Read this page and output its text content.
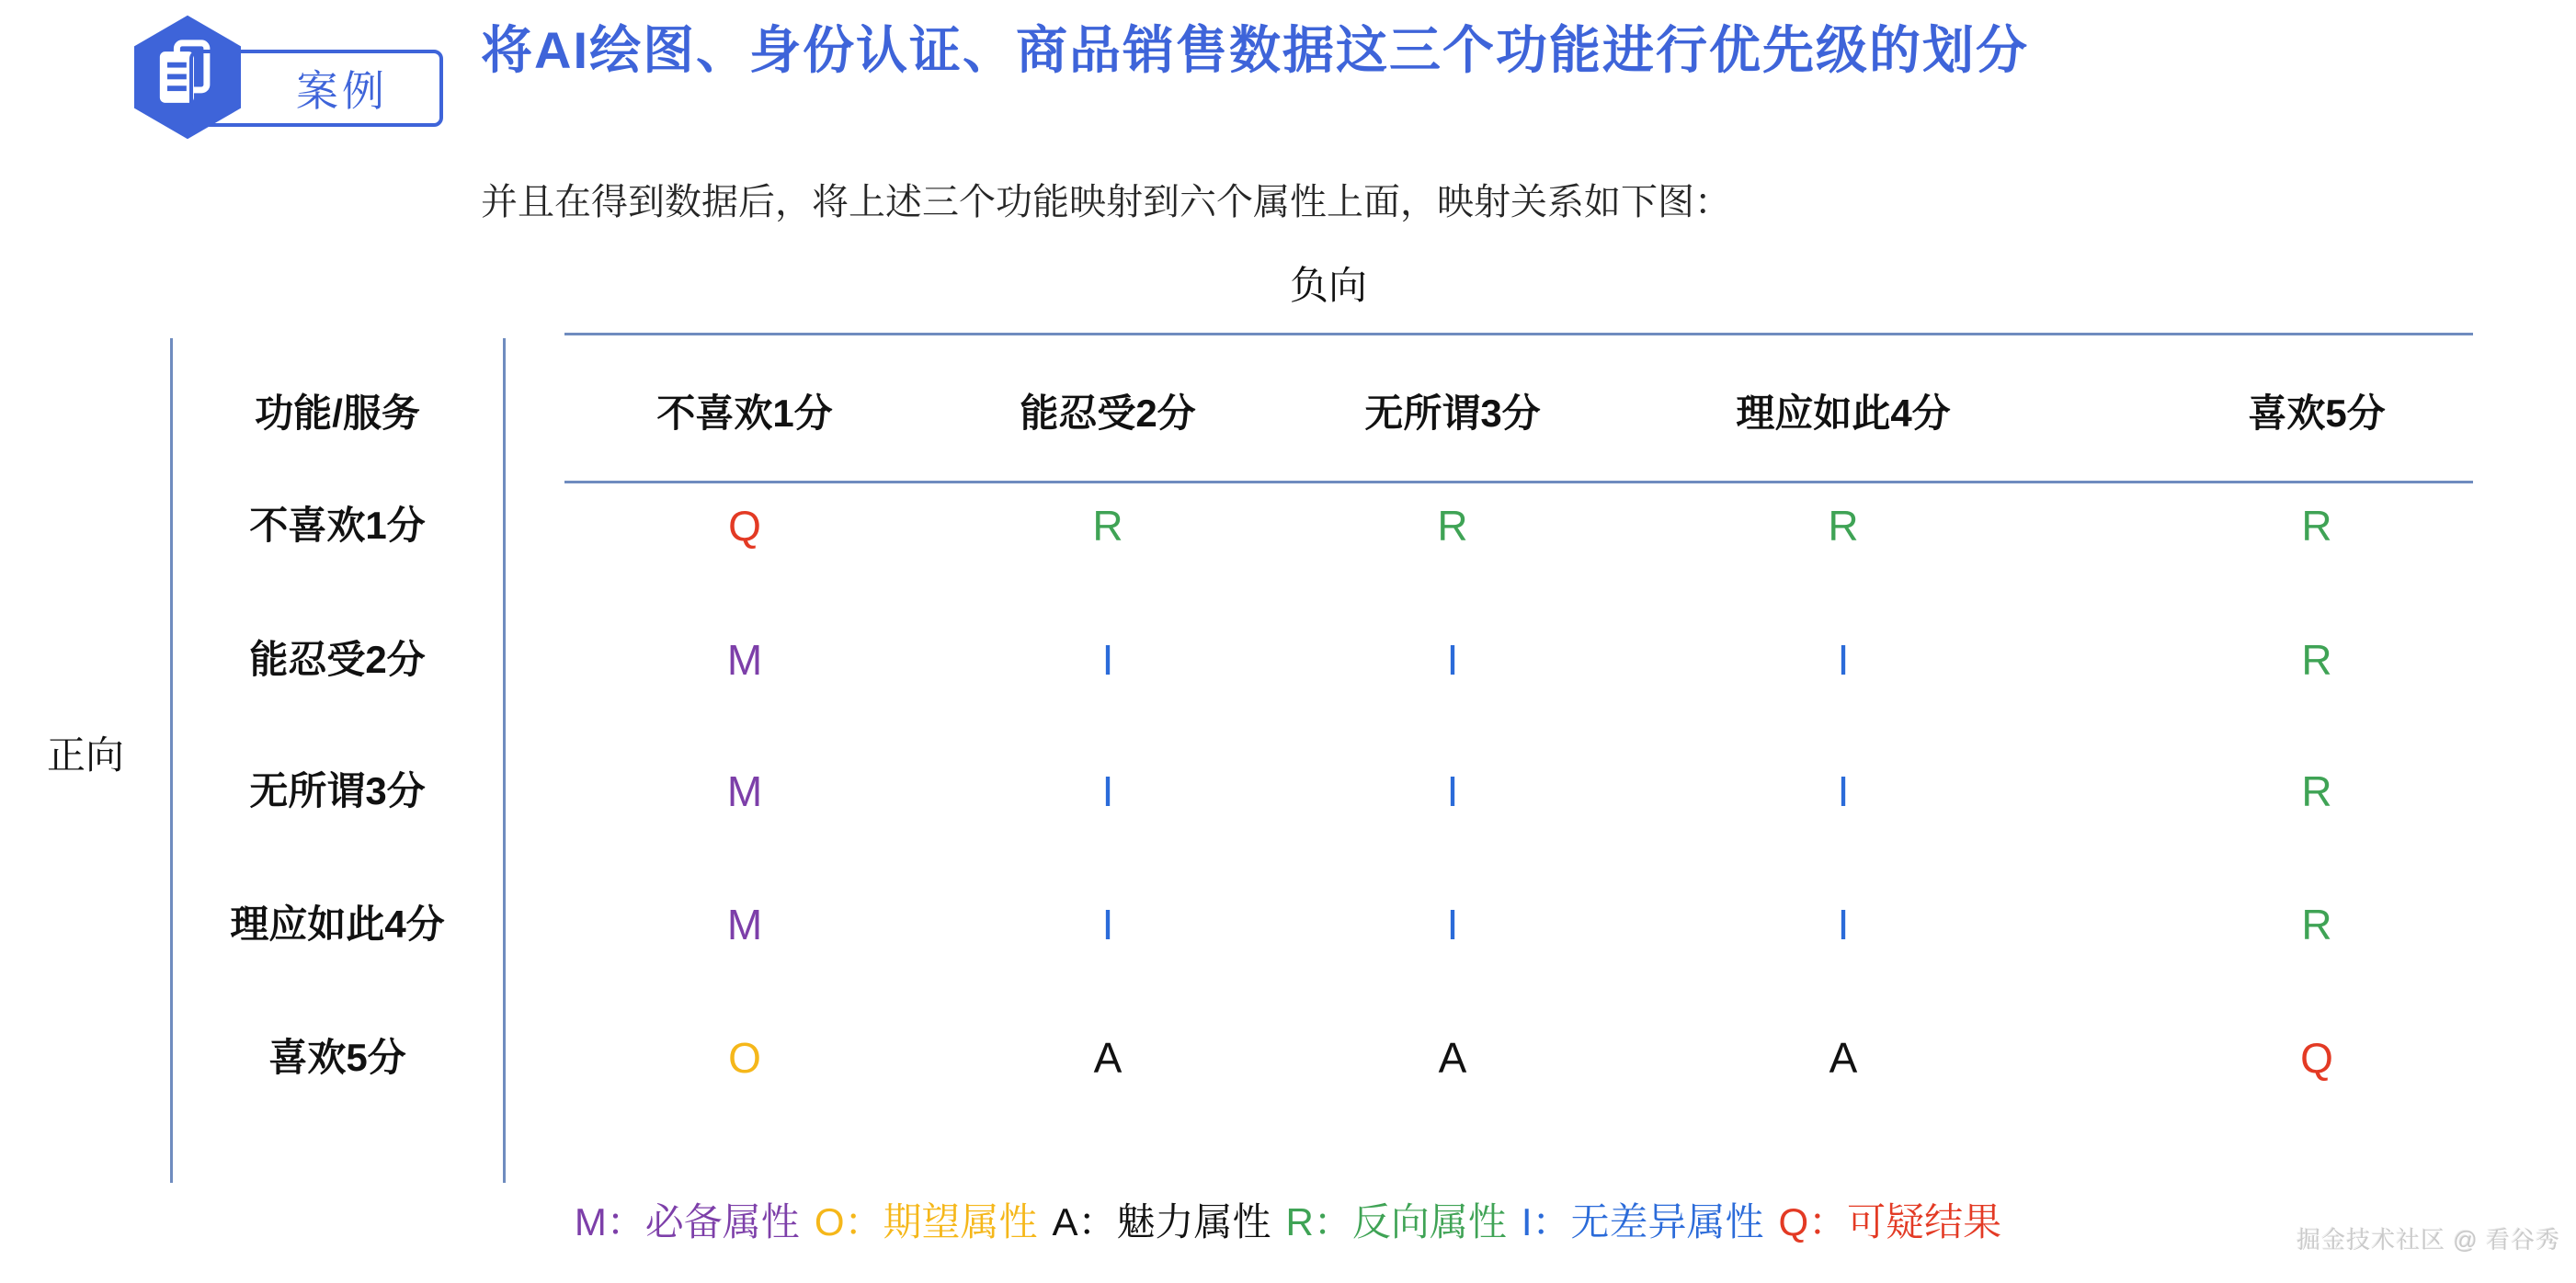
案例
将AI绘图、身份认证、商品销售数据这三个功能进行优先级的划分

并且在得到数据后，将上述三个功能映射到六个属性上面，映射关系如下图：

负向
正向
功能/服务	不喜欢1分	能忍受2分	无所谓3分	理应如此4分	喜欢5分
不喜欢1分	Q	R	R	R	R
能忍受2分	M	I	I	I	R
无所谓3分	M	I	I	I	R
理应如此4分	M	I	I	I	R
喜欢5分	O	A	A	A	Q
M：必备属性 O：期望属性 A：魅力属性 R：反向属性 I：无差异属性 Q：可疑结果	掘金技术社区 @ 看谷秀
